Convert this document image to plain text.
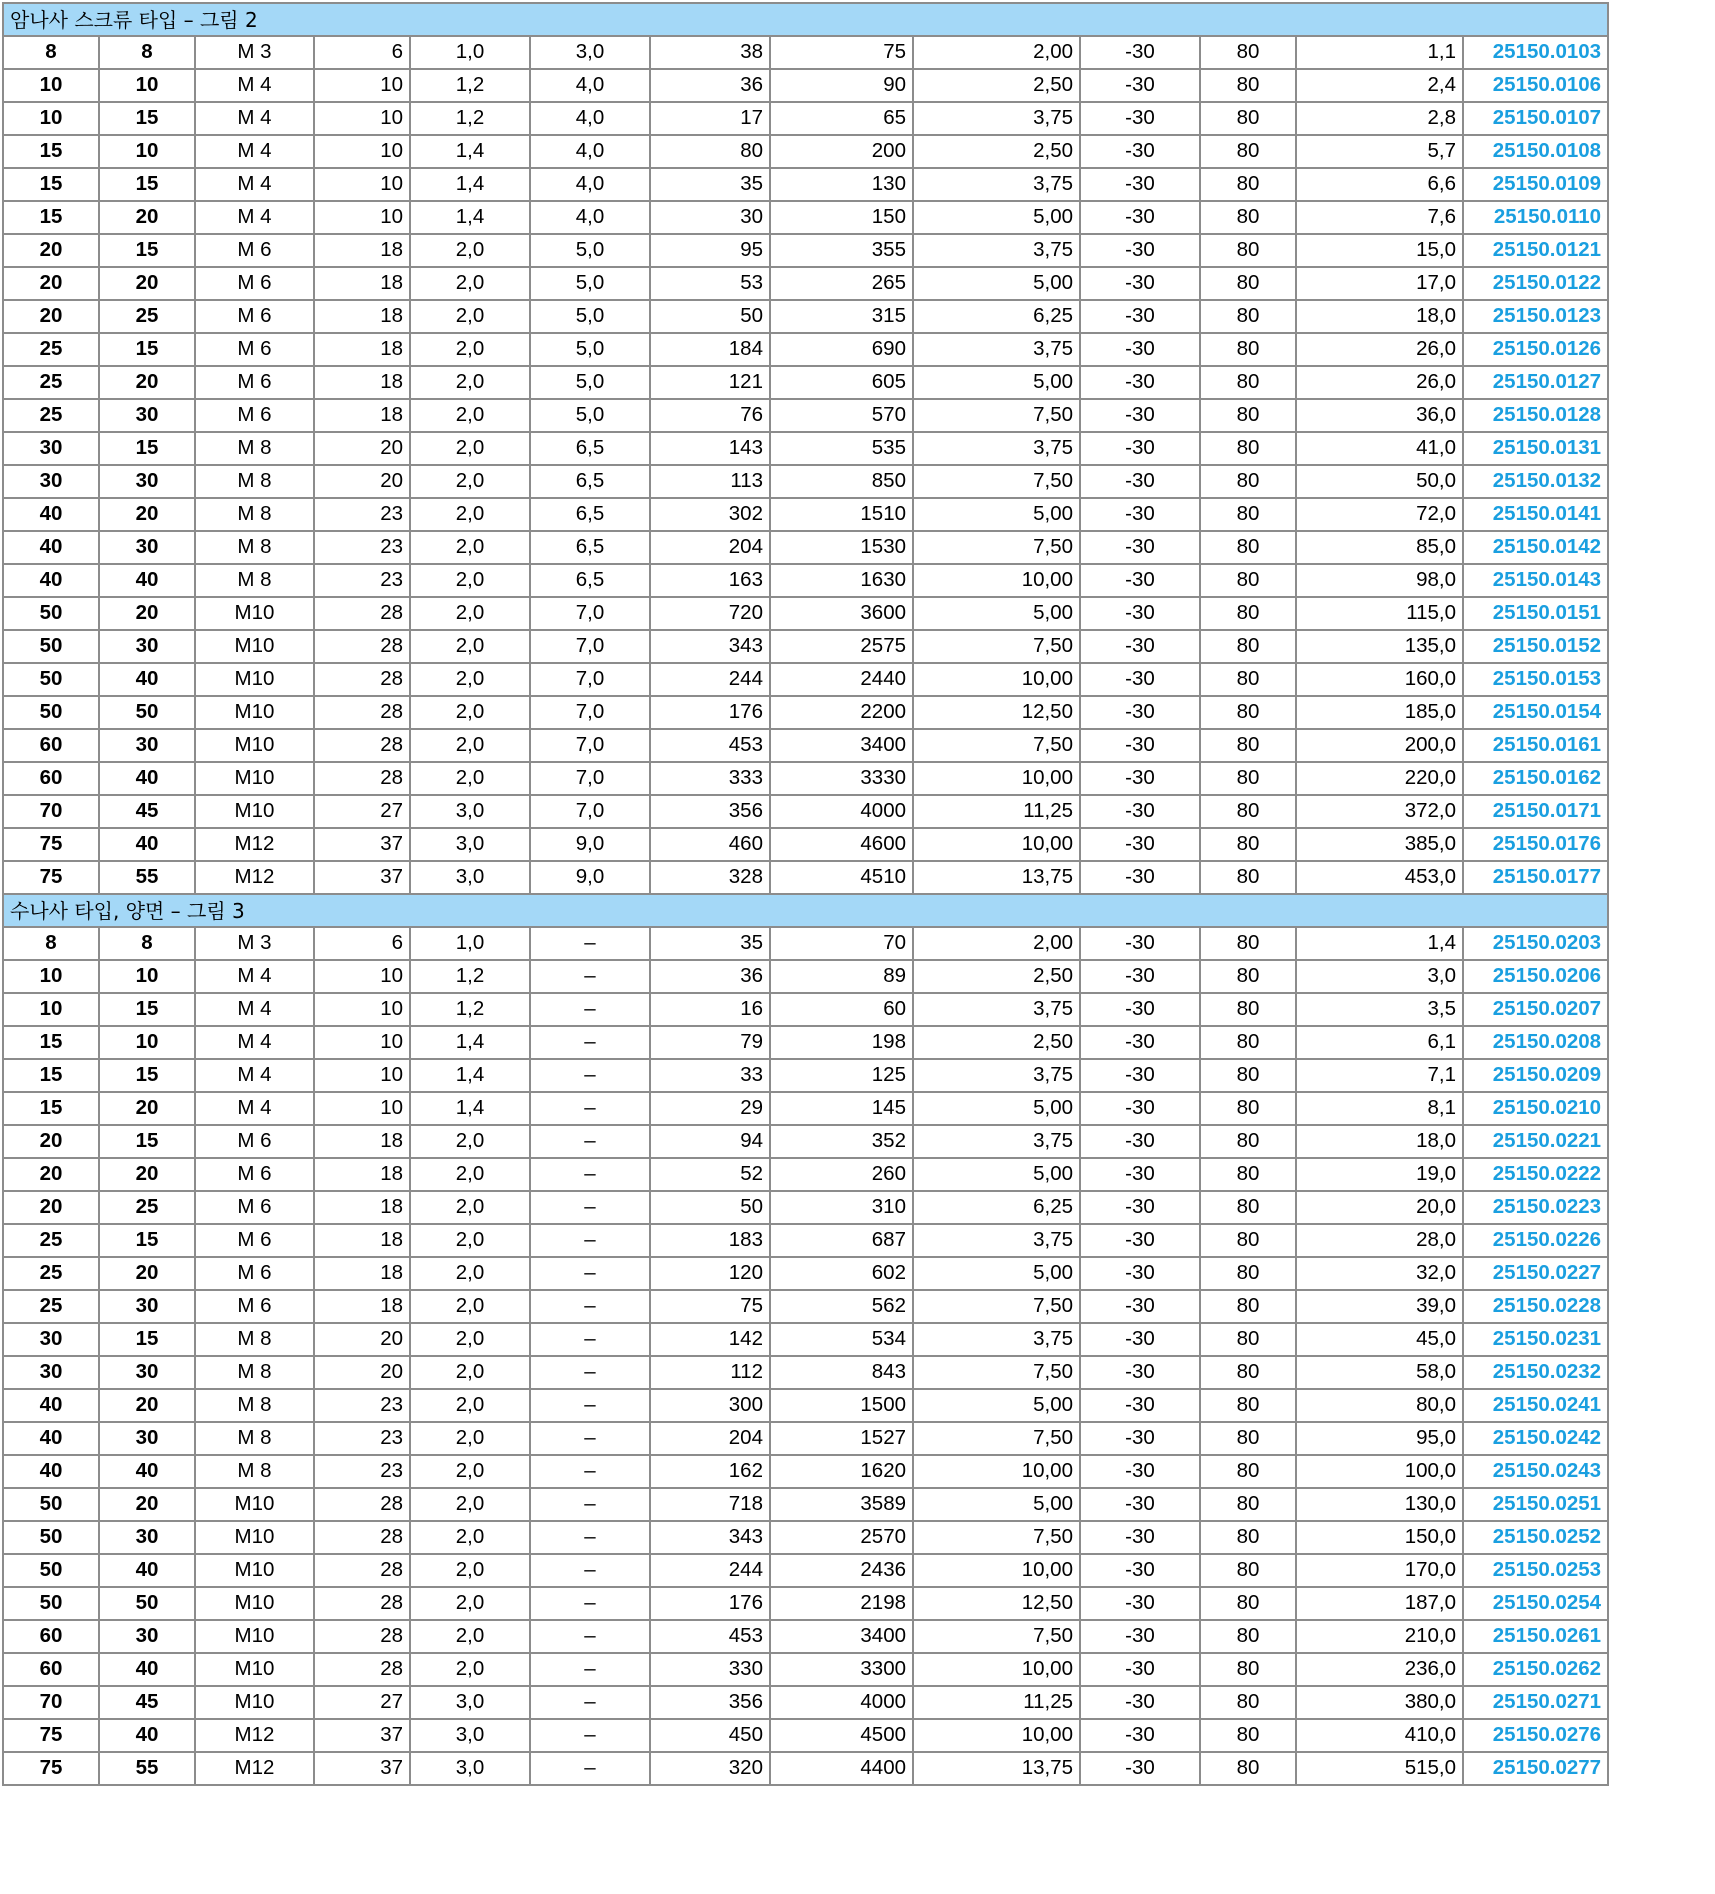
암나사 스크류 타입 – 그림 2												
8	8	M 3	6	1,0	3,0	38	75	2,00	-30	80	1,1	25150.0103
10	10	M 4	10	1,2	4,0	36	90	2,50	-30	80	2,4	25150.0106
10	15	M 4	10	1,2	4,0	17	65	3,75	-30	80	2,8	25150.0107
15	10	M 4	10	1,4	4,0	80	200	2,50	-30	80	5,7	25150.0108
15	15	M 4	10	1,4	4,0	35	130	3,75	-30	80	6,6	25150.0109
15	20	M 4	10	1,4	4,0	30	150	5,00	-30	80	7,6	25150.0110
20	15	M 6	18	2,0	5,0	95	355	3,75	-30	80	15,0	25150.0121
20	20	M 6	18	2,0	5,0	53	265	5,00	-30	80	17,0	25150.0122
20	25	M 6	18	2,0	5,0	50	315	6,25	-30	80	18,0	25150.0123
25	15	M 6	18	2,0	5,0	184	690	3,75	-30	80	26,0	25150.0126
25	20	M 6	18	2,0	5,0	121	605	5,00	-30	80	26,0	25150.0127
25	30	M 6	18	2,0	5,0	76	570	7,50	-30	80	36,0	25150.0128
30	15	M 8	20	2,0	6,5	143	535	3,75	-30	80	41,0	25150.0131
30	30	M 8	20	2,0	6,5	113	850	7,50	-30	80	50,0	25150.0132
40	20	M 8	23	2,0	6,5	302	1510	5,00	-30	80	72,0	25150.0141
40	30	M 8	23	2,0	6,5	204	1530	7,50	-30	80	85,0	25150.0142
40	40	M 8	23	2,0	6,5	163	1630	10,00	-30	80	98,0	25150.0143
50	20	M10	28	2,0	7,0	720	3600	5,00	-30	80	115,0	25150.0151
50	30	M10	28	2,0	7,0	343	2575	7,50	-30	80	135,0	25150.0152
50	40	M10	28	2,0	7,0	244	2440	10,00	-30	80	160,0	25150.0153
50	50	M10	28	2,0	7,0	176	2200	12,50	-30	80	185,0	25150.0154
60	30	M10	28	2,0	7,0	453	3400	7,50	-30	80	200,0	25150.0161
60	40	M10	28	2,0	7,0	333	3330	10,00	-30	80	220,0	25150.0162
70	45	M10	27	3,0	7,0	356	4000	11,25	-30	80	372,0	25150.0171
75	40	M12	37	3,0	9,0	460	4600	10,00	-30	80	385,0	25150.0176
75	55	M12	37	3,0	9,0	328	4510	13,75	-30	80	453,0	25150.0177
수나사 타입, 양면 – 그림 3												
8	8	M 3	6	1,0	–	35	70	2,00	-30	80	1,4	25150.0203
10	10	M 4	10	1,2	–	36	89	2,50	-30	80	3,0	25150.0206
10	15	M 4	10	1,2	–	16	60	3,75	-30	80	3,5	25150.0207
15	10	M 4	10	1,4	–	79	198	2,50	-30	80	6,1	25150.0208
15	15	M 4	10	1,4	–	33	125	3,75	-30	80	7,1	25150.0209
15	20	M 4	10	1,4	–	29	145	5,00	-30	80	8,1	25150.0210
20	15	M 6	18	2,0	–	94	352	3,75	-30	80	18,0	25150.0221
20	20	M 6	18	2,0	–	52	260	5,00	-30	80	19,0	25150.0222
20	25	M 6	18	2,0	–	50	310	6,25	-30	80	20,0	25150.0223
25	15	M 6	18	2,0	–	183	687	3,75	-30	80	28,0	25150.0226
25	20	M 6	18	2,0	–	120	602	5,00	-30	80	32,0	25150.0227
25	30	M 6	18	2,0	–	75	562	7,50	-30	80	39,0	25150.0228
30	15	M 8	20	2,0	–	142	534	3,75	-30	80	45,0	25150.0231
30	30	M 8	20	2,0	–	112	843	7,50	-30	80	58,0	25150.0232
40	20	M 8	23	2,0	–	300	1500	5,00	-30	80	80,0	25150.0241
40	30	M 8	23	2,0	–	204	1527	7,50	-30	80	95,0	25150.0242
40	40	M 8	23	2,0	–	162	1620	10,00	-30	80	100,0	25150.0243
50	20	M10	28	2,0	–	718	3589	5,00	-30	80	130,0	25150.0251
50	30	M10	28	2,0	–	343	2570	7,50	-30	80	150,0	25150.0252
50	40	M10	28	2,0	–	244	2436	10,00	-30	80	170,0	25150.0253
50	50	M10	28	2,0	–	176	2198	12,50	-30	80	187,0	25150.0254
60	30	M10	28	2,0	–	453	3400	7,50	-30	80	210,0	25150.0261
60	40	M10	28	2,0	–	330	3300	10,00	-30	80	236,0	25150.0262
70	45	M10	27	3,0	–	356	4000	11,25	-30	80	380,0	25150.0271
75	40	M12	37	3,0	–	450	4500	10,00	-30	80	410,0	25150.0276
75	55	M12	37	3,0	–	320	4400	13,75	-30	80	515,0	25150.0277
